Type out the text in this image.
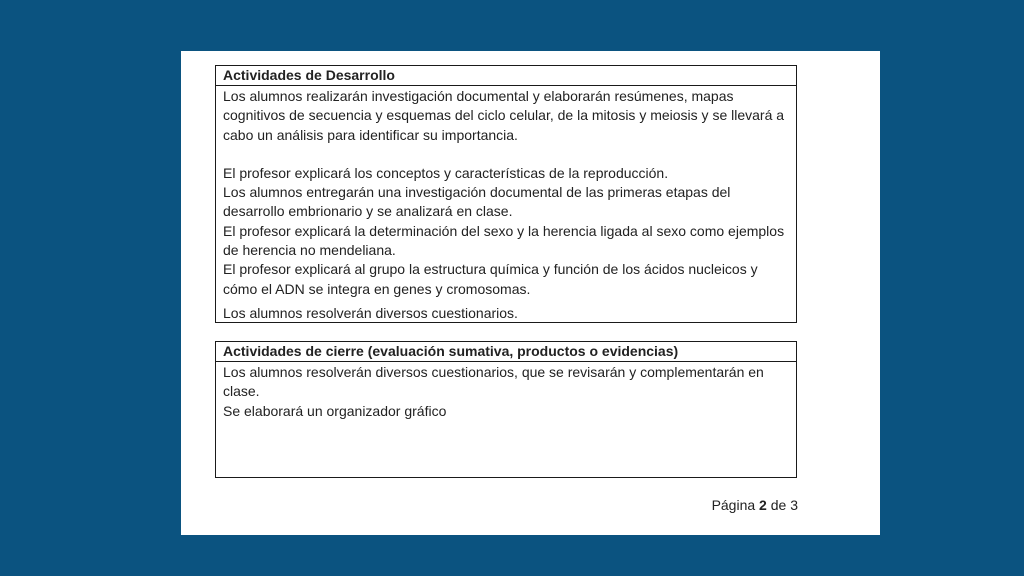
Actividades de Desarrollo

Los alumnos realizarán investigación documental y elaborarán resúmenes, mapas cognitivos de secuencia y esquemas del ciclo celular, de la mitosis y meiosis y se llevará a cabo un análisis para identificar su importancia.

El profesor explicará los conceptos y características de la reproducción.

Los alumnos entregarán una investigación documental de las primeras etapas del desarrollo embrionario y se analizará en clase.

El profesor explicará la determinación del sexo y la herencia ligada al sexo como ejemplos de herencia no mendeliana.

El profesor explicará al grupo la estructura química y función de los ácidos nucleicos y cómo el ADN se integra en genes y cromosomas.

Los alumnos resolverán diversos cuestionarios.

Actividades de cierre (evaluación sumativa, productos o evidencias)

Los alumnos resolverán diversos cuestionarios, que se revisarán y complementarán en clase.

Se elaborará un organizador gráfico

Página 2 de 3
